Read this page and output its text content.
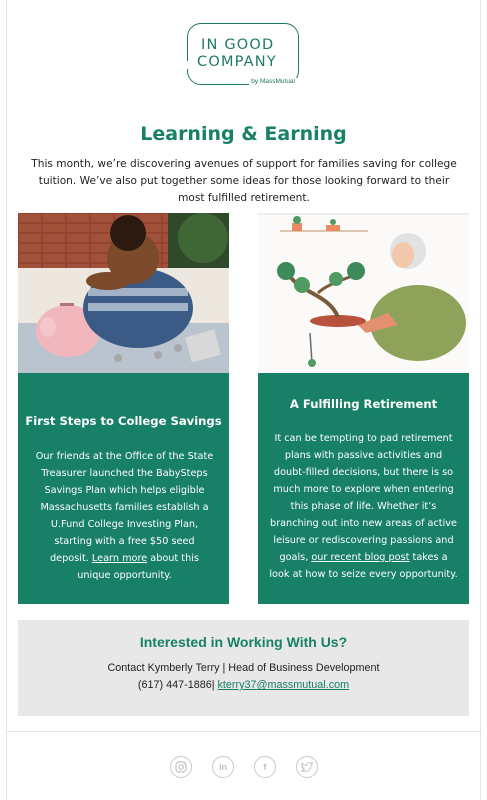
IN GOOD
COMPANY
by MassMutual
Learning & Earning

This month, we’re discovering avenues of support for families saving for college tuition. We’ve also put together some ideas for those looking forward to their most fulfilled retirement.

First Steps to College Savings

Our friends at the Office of the State Treasurer launched the BabySteps Savings Plan which helps eligible Massachusetts families establish a U.Fund College Investing Plan, starting with a free $50 seed deposit. Learn more about this unique opportunity.

A Fulfilling Retirement

It can be tempting to pad retirement plans with passive activities and doubt-filled decisions, but there is so much more to explore when entering this phase of life. Whether it’s branching out into new areas of active leisure or rediscovering passions and goals, our recent blog post takes a look at how to seize every opportunity.

Interested in Working With Us?
Contact Kymberly Terry | Head of Business Development
(617) 447-1886| kterry37@massmutual.com
in	f
